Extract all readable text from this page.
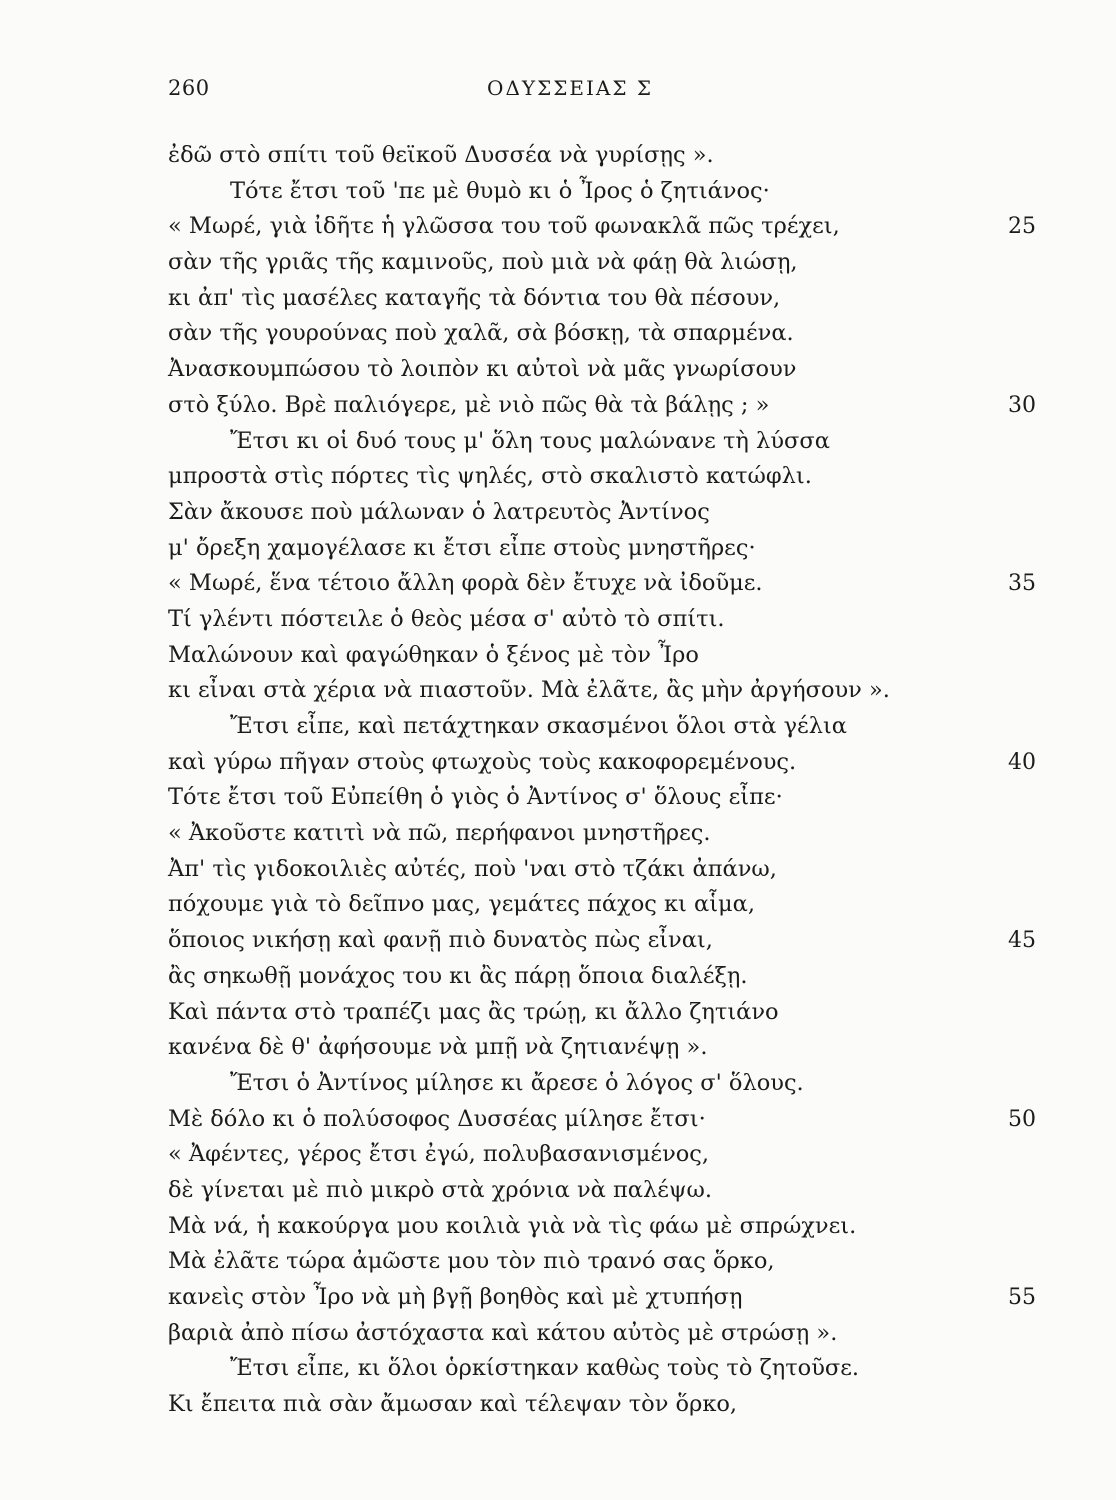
260	ΟΔΥΣΣΕΙΑΣ Σ
ἐδῶ στὸ σπίτι τοῦ θεϊκοῦ Δυσσέα νὰ γυρίσῃς ».
Τότε ἔτσι τοῦ 'πε μὲ θυμὸ κι ὁ Ἶρος ὁ ζητιάνος·
« Μωρέ, γιὰ ἰδῆτε ἡ γλῶσσα του τοῦ φωνακλᾶ πῶς τρέχει,	25
σὰν τῆς γριᾶς τῆς καμινοῦς, ποὺ μιὰ νὰ φάῃ θὰ λιώσῃ,
κι ἀπ' τὶς μασέλες καταγῆς τὰ δόντια του θὰ πέσουν,
σὰν τῆς γουρούνας ποὺ χαλᾶ, σὰ βόσκῃ, τὰ σπαρμένα.
Ἀνασκουμπώσου τὸ λοιπὸν κι αὐτοὶ νὰ μᾶς γνωρίσουν
στὸ ξύλο. Βρὲ παλιόγερε, μὲ νιὸ πῶς θὰ τὰ βάλῃς ; »	30
Ἔτσι κι οἱ δυό τους μ' ὅλη τους μαλώνανε τὴ λύσσα
μπροστὰ στὶς πόρτες τὶς ψηλές, στὸ σκαλιστὸ κατώφλι.
Σὰν ἄκουσε ποὺ μάλωναν ὁ λατρευτὸς Ἀντίνος
μ' ὄρεξη χαμογέλασε κι ἔτσι εἶπε στοὺς μνηστῆρες·
« Μωρέ, ἕνα τέτοιο ἄλλη φορὰ δὲν ἔτυχε νὰ ἰδοῦμε.	35
Τί γλέντι πόστειλε ὁ θεὸς μέσα σ' αὐτὸ τὸ σπίτι.
Μαλώνουν καὶ φαγώθηκαν ὁ ξένος μὲ τὸν Ἶρο
κι εἶναι στὰ χέρια νὰ πιαστοῦν. Μὰ ἐλᾶτε, ἂς μὴν ἀργήσουν ».
Ἔτσι εἶπε, καὶ πετάχτηκαν σκασμένοι ὅλοι στὰ γέλια
καὶ γύρω πῆγαν στοὺς φτωχοὺς τοὺς κακοφορεμένους.	40
Τότε ἔτσι τοῦ Εὐπείθη ὁ γιὸς ὁ Ἀντίνος σ' ὅλους εἶπε·
« Ἀκοῦστε κατιτὶ νὰ πῶ, περήφανοι μνηστῆρες.
Ἀπ' τὶς γιδοκοιλιὲς αὐτές, ποὺ 'ναι στὸ τζάκι ἀπάνω,
πόχουμε γιὰ τὸ δεῖπνο μας, γεμάτες πάχος κι αἷμα,
ὅποιος νικήσῃ καὶ φανῇ πιὸ δυνατὸς πὼς εἶναι,	45
ἂς σηκωθῇ μονάχος του κι ἂς πάρῃ ὅποια διαλέξῃ.
Καὶ πάντα στὸ τραπέζι μας ἂς τρώῃ, κι ἄλλο ζητιάνο
κανένα δὲ θ' ἀφήσουμε νὰ μπῇ νὰ ζητιανέψῃ ».
Ἔτσι ὁ Ἀντίνος μίλησε κι ἄρεσε ὁ λόγος σ' ὅλους.
Μὲ δόλο κι ὁ πολύσοφος Δυσσέας μίλησε ἔτσι·	50
« Ἀφέντες, γέρος ἔτσι ἐγώ, πολυβασανισμένος,
δὲ γίνεται μὲ πιὸ μικρὸ στὰ χρόνια νὰ παλέψω.
Μὰ νά, ἡ κακούργα μου κοιλιὰ γιὰ νὰ τὶς φάω μὲ σπρώχνει.
Μὰ ἐλᾶτε τώρα ἀμῶστε μου τὸν πιὸ τρανό σας ὅρκο,
κανεὶς στὸν Ἶρο νὰ μὴ βγῇ βοηθὸς καὶ μὲ χτυπήσῃ	55
βαριὰ ἀπὸ πίσω ἀστόχαστα καὶ κάτου αὐτὸς μὲ στρώσῃ ».
Ἔτσι εἶπε, κι ὅλοι ὁρκίστηκαν καθὼς τοὺς τὸ ζητοῦσε.
Κι ἔπειτα πιὰ σὰν ἄμωσαν καὶ τέλεψαν τὸν ὅρκο,
